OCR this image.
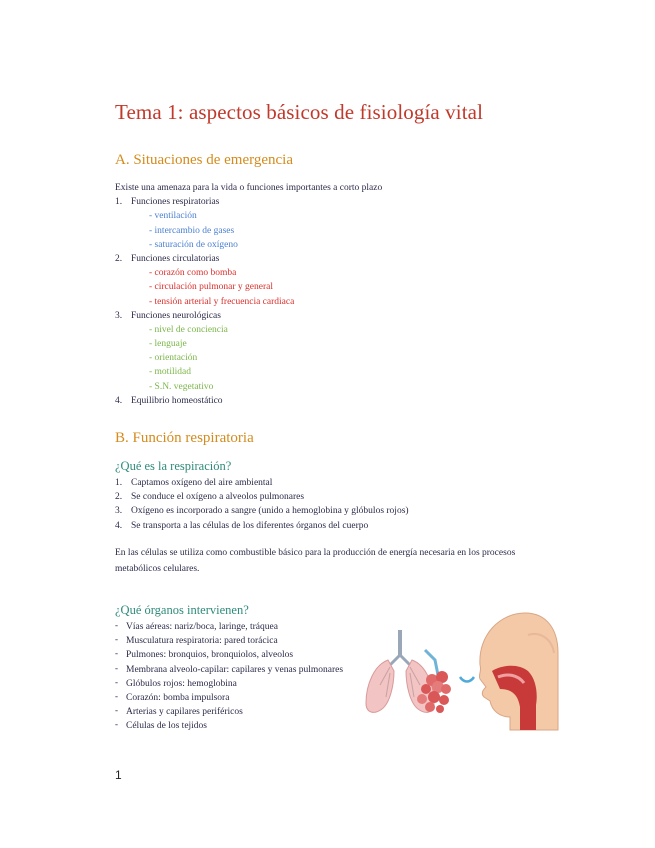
Tema 1: aspectos básicos de fisiología vital
A. Situaciones de emergencia
Existe una amenaza para la vida o funciones importantes a corto plazo
1. Funciones respiratorias
- ventilación
- intercambio de gases
- saturación de oxígeno
2. Funciones circulatorias
- corazón como bomba
- circulación pulmonar y general
- tensión arterial y frecuencia cardiaca
3. Funciones neurológicas
- nivel de conciencia
- lenguaje
- orientación
- motilidad
- S.N. vegetativo
4. Equilibrio homeostático
B. Función respiratoria
¿Qué es la respiración?
1. Captamos oxígeno del aire ambiental
2. Se conduce el oxígeno a alveolos pulmonares
3. Oxígeno es incorporado a sangre (unido a hemoglobina y glóbulos rojos)
4. Se transporta a las células de los diferentes órganos del cuerpo
En las células se utiliza como combustible básico para la producción de energía necesaria en los procesos metabólicos celulares.
¿Qué órganos intervienen?
- Vías aéreas: nariz/boca, laringe, tráquea
- Musculatura respiratoria: pared torácica
- Pulmones: bronquios, bronquiolos, alveolos
- Membrana alveolo-capilar: capilares y venas pulmonares
- Glóbulos rojos: hemoglobina
- Corazón: bomba impulsora
- Arterias y capilares periféricos
- Células de los tejidos
1
